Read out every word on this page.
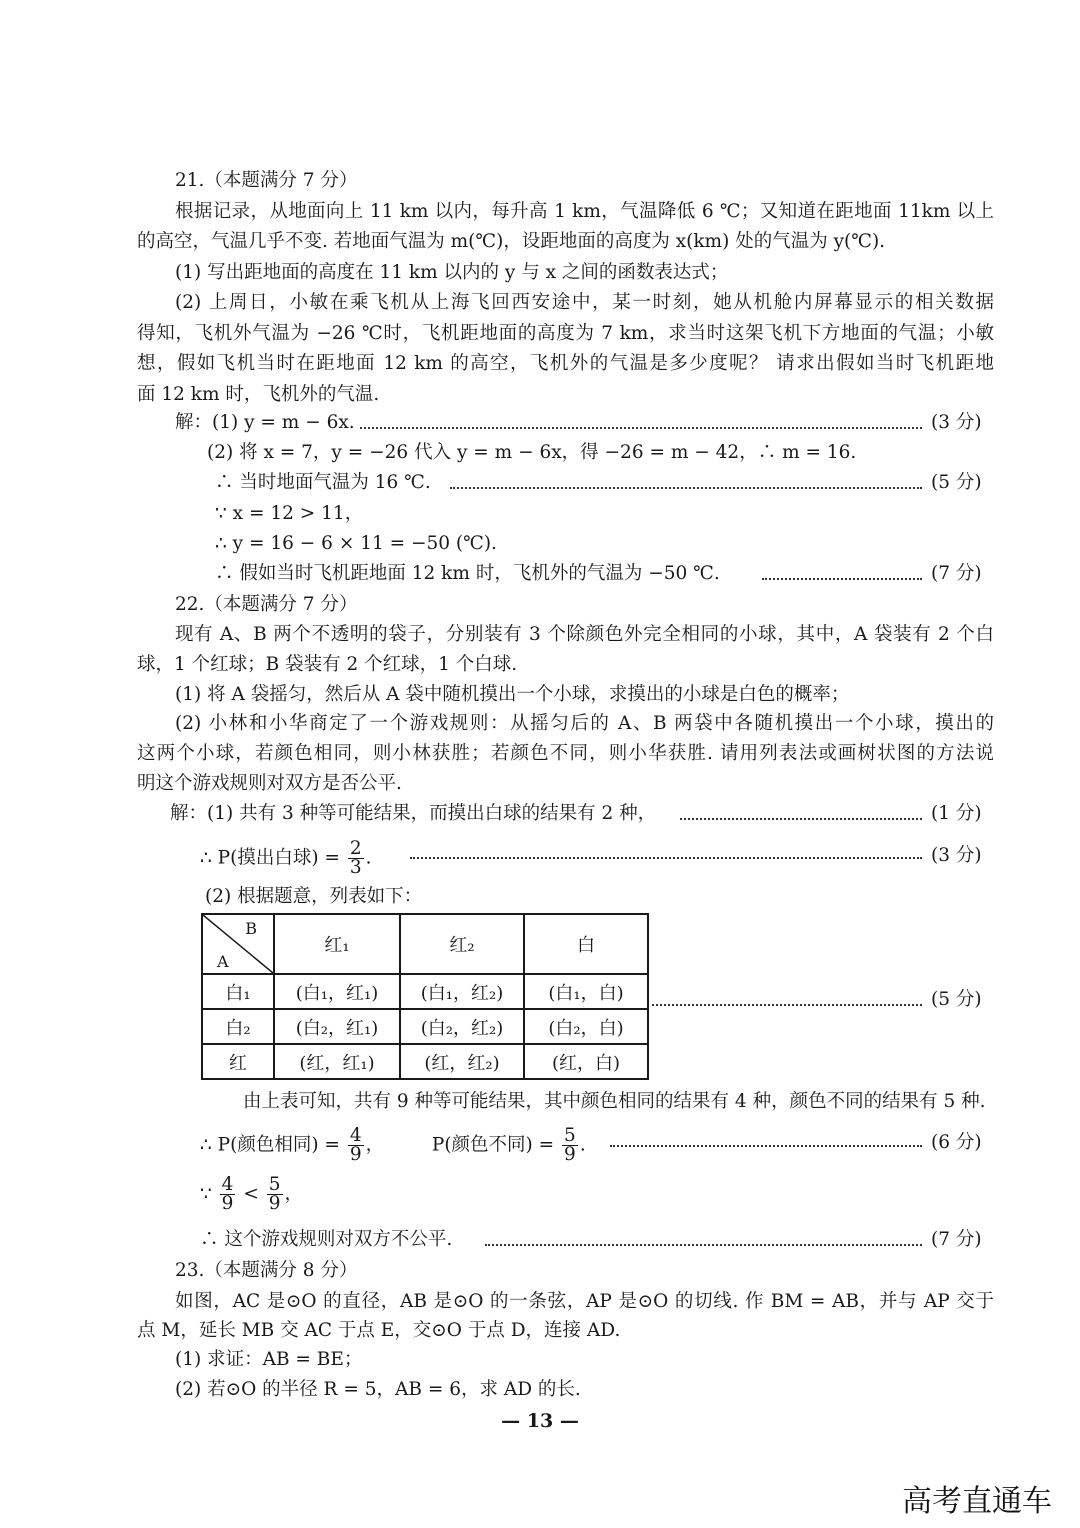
21.（本题满分 7 分）
根据记录，从地面向上 11 km 以内，每升高 1 km，气温降低 6 ℃；又知道在距地面 11km 以上
的高空，气温几乎不变. 若地面气温为 m(℃)，设距地面的高度为 x(km) 处的气温为 y(℃).
(1) 写出距地面的高度在 11 km 以内的 y 与 x 之间的函数表达式；
(2) 上周日，小敏在乘飞机从上海飞回西安途中，某一时刻，她从机舱内屏幕显示的相关数据
得知，飞机外气温为 −26 ℃时，飞机距地面的高度为 7 km，求当时这架飞机下方地面的气温；小敏
想，假如飞机当时在距地面 12 km 的高空，飞机外的气温是多少度呢？ 请求出假如当时飞机距地
面 12 km 时，飞机外的气温.
解：(1) y = m − 6x.	(3 分)
(2) 将 x = 7，y = −26 代入 y = m − 6x，得 −26 = m − 42，∴ m = 16.
∴ 当时地面气温为 16 ℃.	(5 分)
∵ x = 12 > 11，
∴ y = 16 − 6 × 11 = −50 (℃).
∴ 假如当时飞机距地面 12 km 时，飞机外的气温为 −50 ℃.	(7 分)
22.（本题满分 7 分）
现有 A、B 两个不透明的袋子，分别装有 3 个除颜色外完全相同的小球，其中，A 袋装有 2 个白
球，1 个红球；B 袋装有 2 个红球，1 个白球.
(1) 将 A 袋摇匀，然后从 A 袋中随机摸出一个小球，求摸出的小球是白色的概率；
(2) 小林和小华商定了一个游戏规则：从摇匀后的 A、B 两袋中各随机摸出一个小球，摸出的
这两个小球，若颜色相同，则小林获胜；若颜色不同，则小华获胜. 请用列表法或画树状图的方法说
明这个游戏规则对双方是否公平.
解：(1) 共有 3 种等可能结果，而摸出白球的结果有 2 种，	(1 分)
∴ P(摸出白球) = $\frac{2}{3}$ .	(3 分)
(2) 根据题意，列表如下：
B
A	红₁	红₂	白
白₁	(白₁，红₁)	(白₁，红₂)	(白₁，白)
白₂	(白₂，红₁)	(白₂，红₂)	(白₂，白)
红	(红，红₁)	(红，红₂)	(红，白)
(5 分)
由上表可知，共有 9 种等可能结果，其中颜色相同的结果有 4 种，颜色不同的结果有 5 种.
∴ P(颜色相同) = $\frac{4}{9}$ ，  P(颜色不同) = $\frac{5}{9}$ .	(6 分)
∵ $\frac{4}{9} < \frac{5}{9}$ ，
∴ 这个游戏规则对双方不公平.	(7 分)
23.（本题满分 8 分）
如图，AC 是⊙O 的直径，AB 是⊙O 的一条弦，AP 是⊙O 的切线. 作 BM = AB，并与 AP 交于
点 M，延长 MB 交 AC 于点 E，交⊙O 于点 D，连接 AD.
(1) 求证：AB = BE；
(2) 若⊙O 的半径 R = 5，AB = 6，求 AD 的长.
— 13 —
高考直通车
